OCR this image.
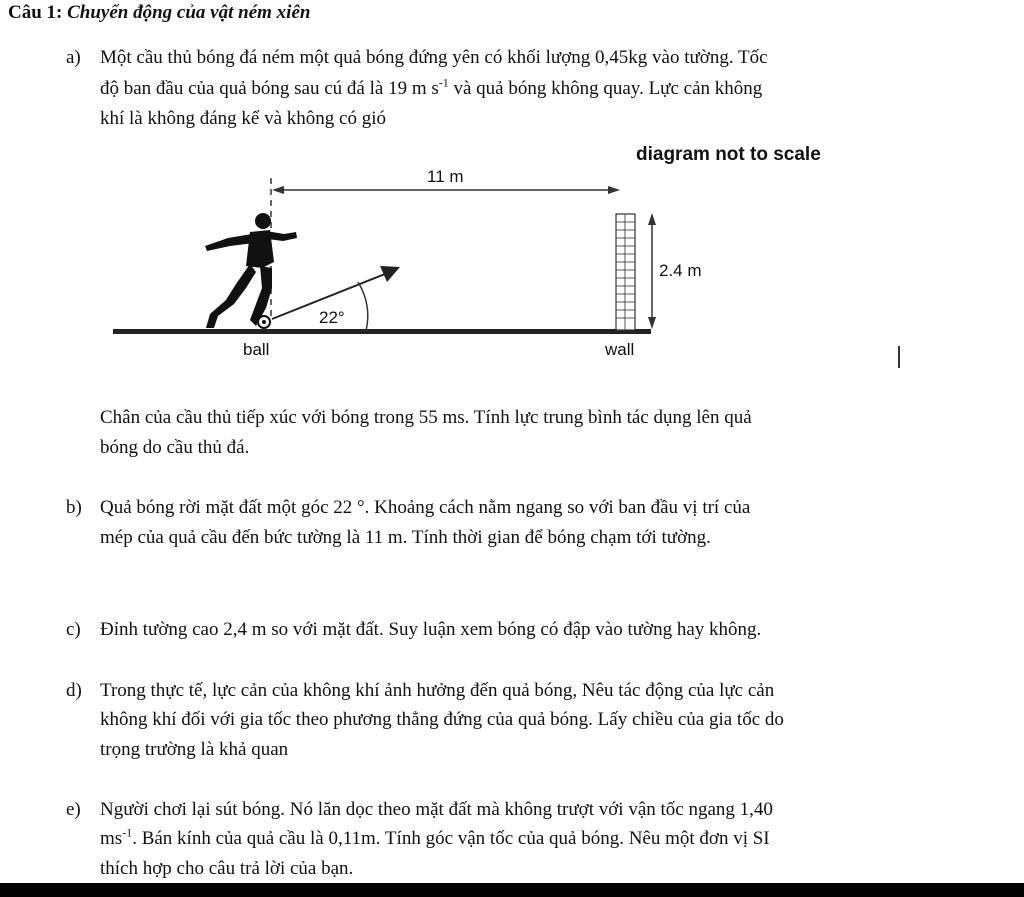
Câu 1: Chuyển động của vật ném xiên
a) Một cầu thủ bóng đá ném một quả bóng đứng yên có khối lượng 0,45kg vào tường. Tốc
độ ban đầu của quả bóng sau cú đá là 19 m $s^{-1}$ và quả bóng không quay. Lực cản không
khí là không đáng kể và không có gió
diagram not to scale
11 m
2.4 m
22°
ball	wall
Chân của cầu thủ tiếp xúc với bóng trong 55 ms. Tính lực trung bình tác dụng lên quả
bóng do cầu thủ đá.
b) Quả bóng rời mặt đất một góc 22 °. Khoảng cách nằm ngang so với ban đầu vị trí của
mép của quả cầu đến bức tường là 11 m. Tính thời gian để bóng chạm tới tường.
c) Đỉnh tường cao 2,4 m so với mặt đất. Suy luận xem bóng có đập vào tường hay không.
d) Trong thực tế, lực cản của không khí ảnh hưởng đến quả bóng, Nêu tác động của lực cản
không khí đối với gia tốc theo phương thẳng đứng của quả bóng. Lấy chiều của gia tốc do
trọng trường là khả quan
e) Người chơi lại sút bóng. Nó lăn dọc theo mặt đất mà không trượt với vận tốc ngang 1,40
$ms^{-1}$. Bán kính của quả cầu là 0,11m. Tính góc vận tốc của quả bóng. Nêu một đơn vị SI
thích hợp cho câu trả lời của bạn.
